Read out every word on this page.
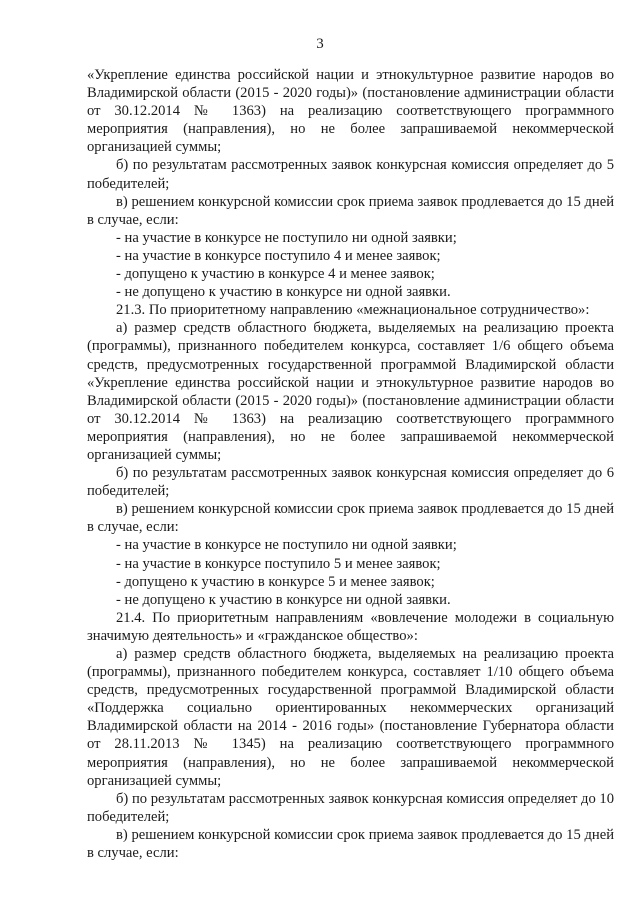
3

«Укрепление единства российской нации и этнокультурное развитие народов во Владимирской области (2015 - 2020 годы)» (постановление администрации области от 30.12.2014 № 1363) на реализацию соответствующего программного мероприятия (направления), но не более запрашиваемой некоммерческой организацией суммы;

б) по результатам рассмотренных заявок конкурсная комиссия определяет до 5 победителей;

в) решением конкурсной комиссии срок приема заявок продлевается до 15 дней в случае, если:

- на участие в конкурсе не поступило ни одной заявки;

- на участие в конкурсе поступило 4 и менее заявок;

- допущено к участию в конкурсе 4 и менее заявок;

- не допущено к участию в конкурсе ни одной заявки.

21.3. По приоритетному направлению «межнациональное сотрудничество»:

а) размер средств областного бюджета, выделяемых на реализацию проекта (программы), признанного победителем конкурса, составляет 1/6 общего объема средств, предусмотренных государственной программой Владимирской области «Укрепление единства российской нации и этнокультурное развитие народов во Владимирской области (2015 - 2020 годы)» (постановление администрации области от 30.12.2014 № 1363) на реализацию соответствующего программного мероприятия (направления), но не более запрашиваемой некоммерческой организацией суммы;

б) по результатам рассмотренных заявок конкурсная комиссия определяет до 6 победителей;

в) решением конкурсной комиссии срок приема заявок продлевается до 15 дней в случае, если:

- на участие в конкурсе не поступило ни одной заявки;

- на участие в конкурсе поступило 5 и менее заявок;

- допущено к участию в конкурсе 5 и менее заявок;

- не допущено к участию в конкурсе ни одной заявки.

21.4. По приоритетным направлениям «вовлечение молодежи в социальную значимую деятельность» и «гражданское общество»:

а) размер средств областного бюджета, выделяемых на реализацию проекта (программы), признанного победителем конкурса, составляет 1/10 общего объема средств, предусмотренных государственной программой Владимирской области «Поддержка социально ориентированных некоммерческих организаций Владимирской области на 2014 - 2016 годы» (постановление Губернатора области от 28.11.2013 № 1345) на реализацию соответствующего программного мероприятия (направления), но не более запрашиваемой некоммерческой организацией суммы;

б) по результатам рассмотренных заявок конкурсная комиссия определяет до 10 победителей;

в) решением конкурсной комиссии срок приема заявок продлевается до 15 дней в случае, если:
